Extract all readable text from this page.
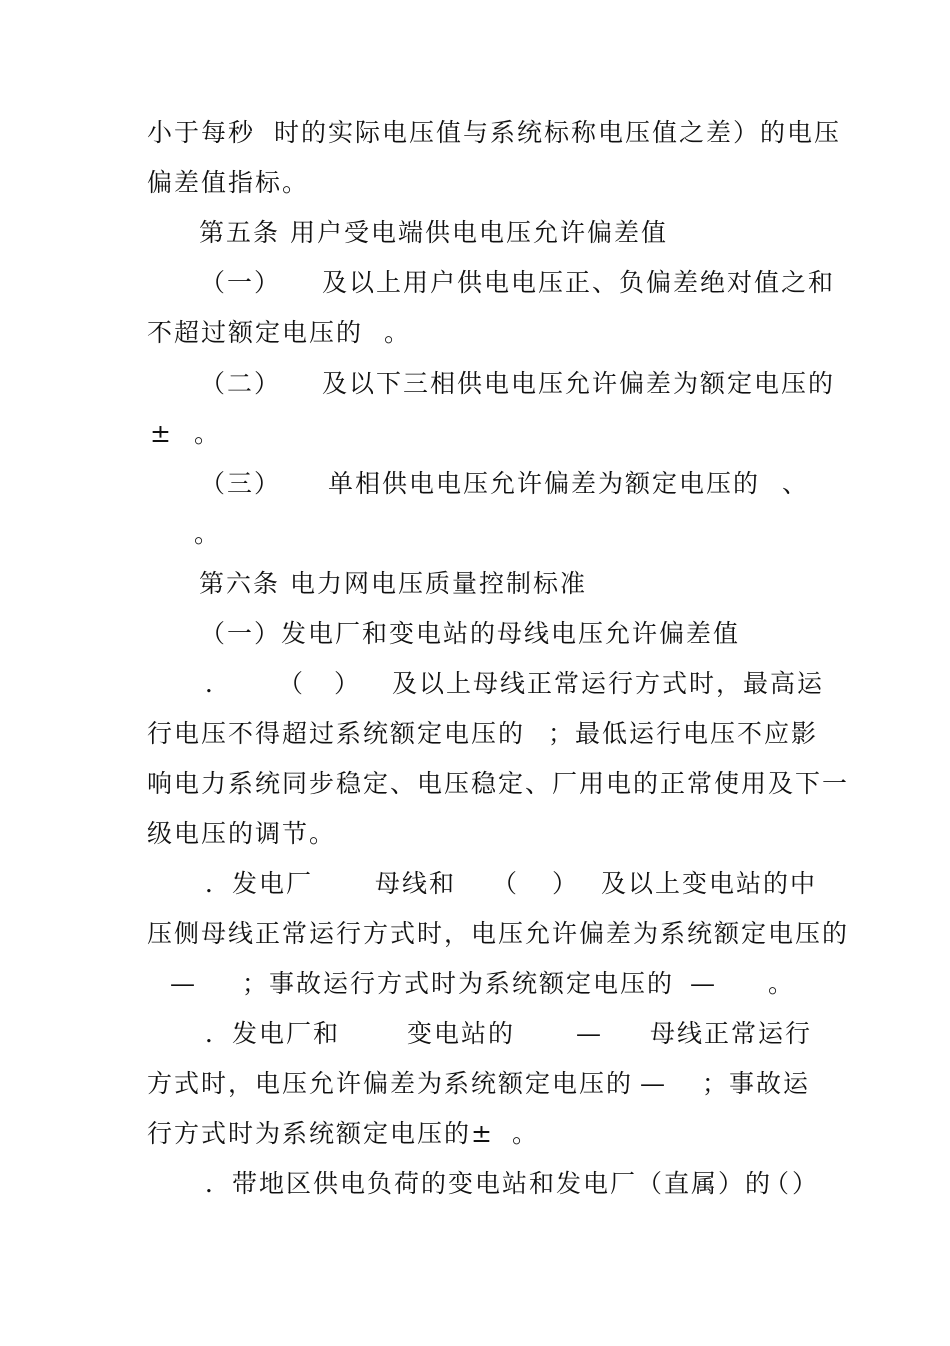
小于每秒

时的实际电压值与系统标称电压值之差）的电压

偏差值指标。

第五条 用户受电端供电电压允许偏差值

（一）

及以上用户供电电压正、负偏差绝对值之和

不超过额定电压的

。

（二）

及以下三相供电电压允许偏差为额定电压的

±

。

（三）

单相供电电压允许偏差为额定电压的

、

。

第六条 电力网电压质量控制标准

（一）发电厂和变电站的母线电压允许偏差值

．

（

）

及以上母线正常运行方式时，最高运

行电压不得超过系统额定电压的

；最低运行电压不应影

响电力系统同步稳定、电压稳定、厂用电的正常使用及下一

级电压的调节。

．发电厂

母线和

（

）

及以上变电站的中

压侧母线正常运行方式时，电压允许偏差为系统额定电压的

—

；事故运行方式时为系统额定电压的

—

。

．发电厂和

	变电站的

—

母线正常运行

方式时，电压允许偏差为系统额定电压的

—

；事故运

行方式时为系统额定电压的±

。

．带地区供电负荷的变电站和发电厂（直属）的

（

）
